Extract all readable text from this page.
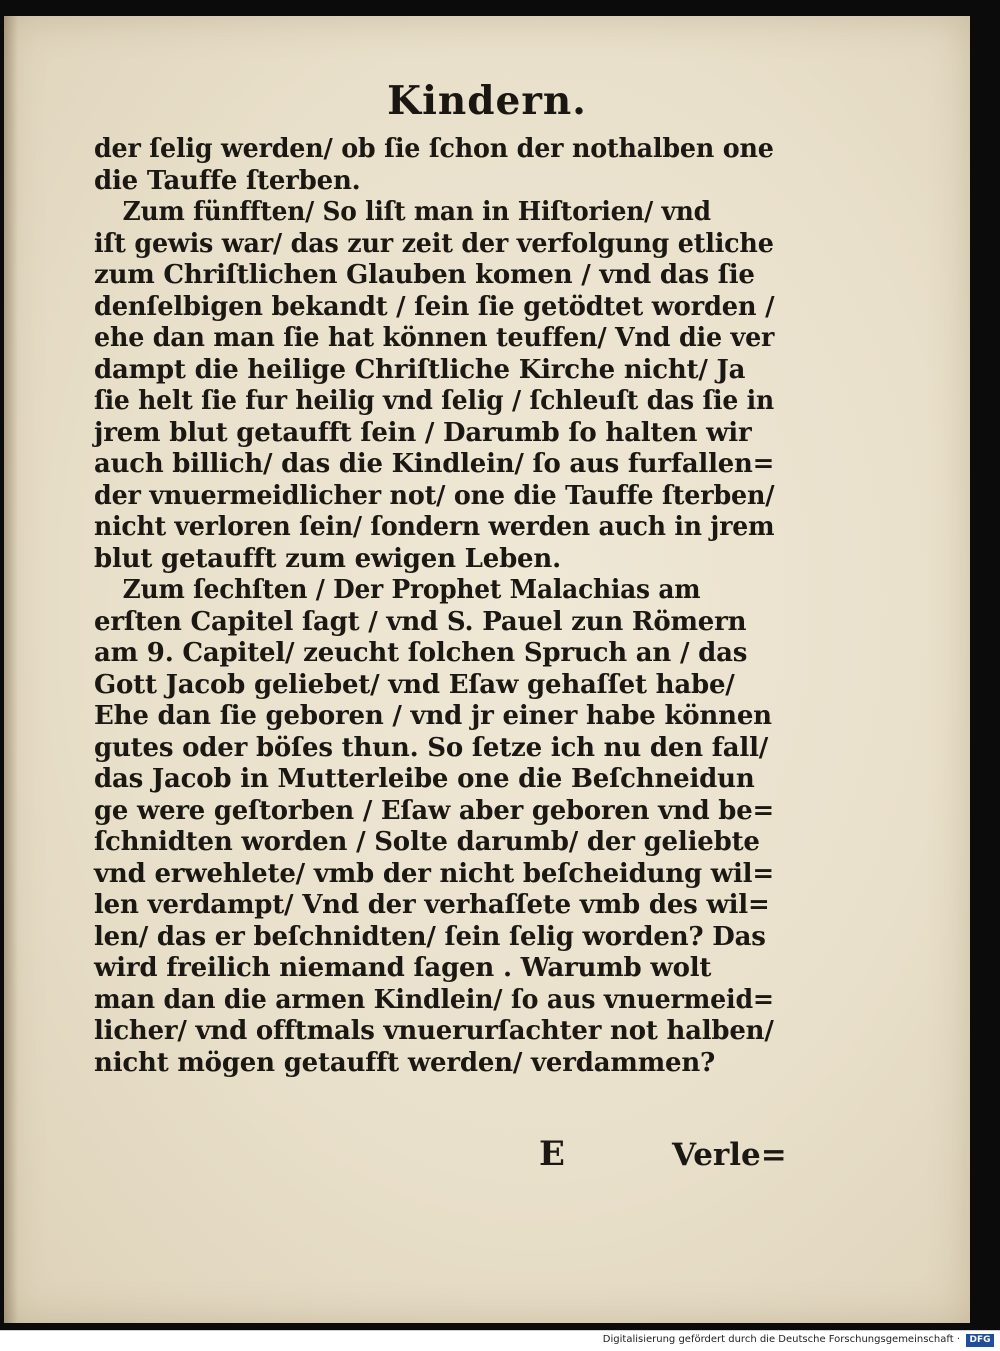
Kindern.
der ſelig werden/ ob ſie ſchon der nothalben one
die Tauffe ſterben.
Zum fünfften/ So liſt man in Hiſtorien/ vnd
iſt gewis war/ das zur zeit der verfolgung etliche
zum Chriſtlichen Glauben komen / vnd das ſie
denſelbigen bekandt / ſein ſie getödtet worden /
ehe dan man ſie hat können teuffen/ Vnd die ver
dampt die heilige Chriſtliche Kirche nicht/ Ja
ſie helt ſie fur heilig vnd ſelig / ſchleuſt das ſie in
jrem blut getaufft ſein / Darumb ſo halten wir
auch billich/ das die Kindlein/ ſo aus furfallen=
der vnuermeidlicher not/ one die Tauffe ſterben/
nicht verloren ſein/ ſondern werden auch in jrem
blut getaufft zum ewigen Leben.
Zum ſechſten / Der Prophet Malachias am
erſten Capitel ſagt / vnd S. Pauel zun Römern
am 9. Capitel/ zeucht ſolchen Spruch an / das
Gott Jacob geliebet/ vnd Eſaw gehaſſet habe/
Ehe dan ſie geboren / vnd jr einer habe können
gutes oder böſes thun. So ſetze ich nu den fall/
das Jacob in Mutterleibe one die Beſchneidun
ge were geſtorben / Eſaw aber geboren vnd be=
ſchnidten worden / Solte darumb/ der geliebte
vnd erwehlete/ vmb der nicht beſcheidung wil=
len verdampt/ Vnd der verhaſſete vmb des wil=
len/ das er beſchnidten/ ſein ſelig worden? Das
wird freilich niemand ſagen . Warumb wolt
man dan die armen Kindlein/ ſo aus vnuermeid=
licher/ vnd offtmals vnuerurſachter not halben/
nicht mögen getaufft werden/ verdammen?
E	Verle=
Digitalisierung gefördert durch die Deutsche Forschungsgemeinschaft ·	DFG
